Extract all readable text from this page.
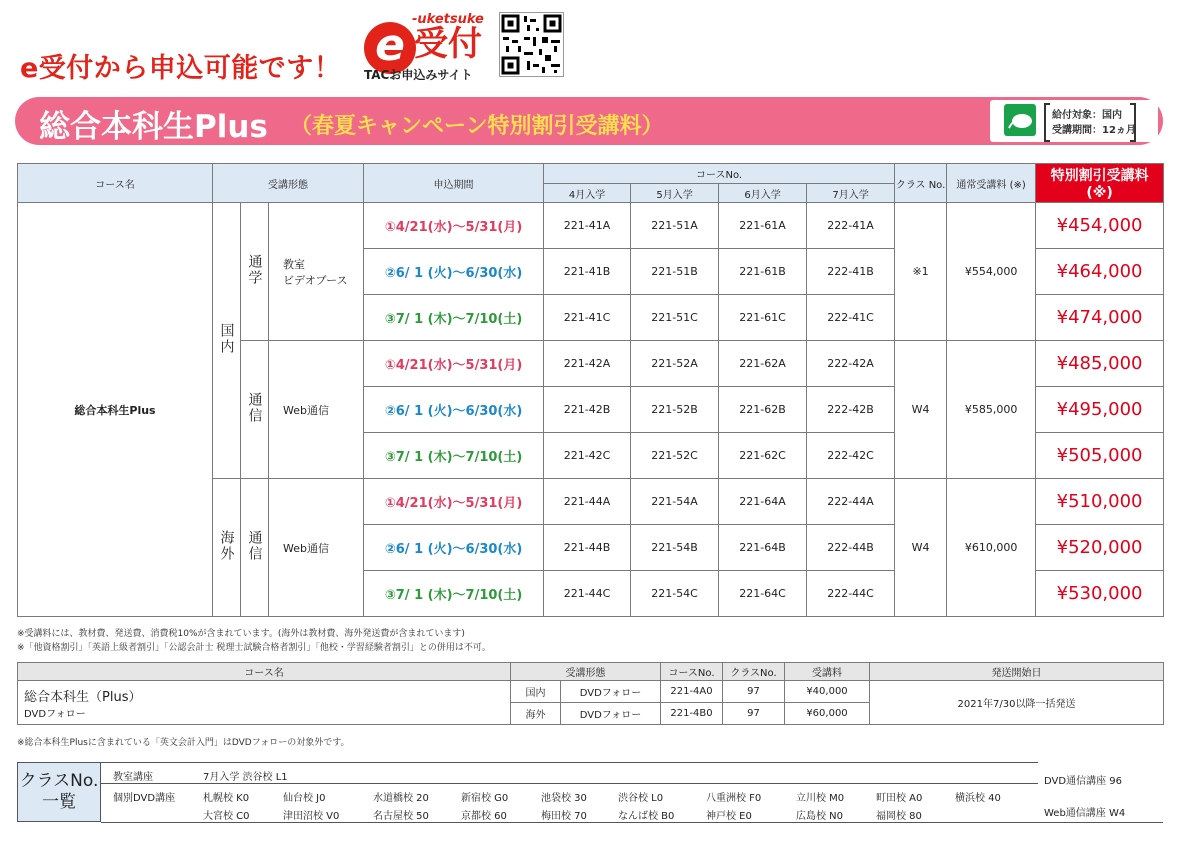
e受付から申込可能です！ e
-uketsuke
受付
TACお申込みサイト
総合本科生Plus （春夏キャンペーン特別割引受講料）	給付対象：国内
受講期間：12ヵ月
コース名	受講形態			申込期間	コースNo.				クラス No.	通常受講料 (※)	特別割引受講料 (※)
					4月入学	5月入学	6月入学	7月入学			
総合本科生Plus	国内	通学	教室
ビデオブース	①4/21(水)～5/31(月)	221-41A	221-51A	221-61A	222-41A	※1	¥554,000	¥454,000
				②6/ 1 (火)～6/30(水)	221-41B	221-51B	221-61B	222-41B			¥464,000
				③7/ 1 (木)～7/10(土)	221-41C	221-51C	221-61C	222-41C			¥474,000
		通信	Web通信	①4/21(水)～5/31(月)	221-42A	221-52A	221-62A	222-42A	W4	¥585,000	¥485,000
				②6/ 1 (火)～6/30(水)	221-42B	221-52B	221-62B	222-42B			¥495,000
				③7/ 1 (木)～7/10(土)	221-42C	221-52C	221-62C	222-42C			¥505,000
	海外	通信	Web通信	①4/21(水)～5/31(月)	221-44A	221-54A	221-64A	222-44A	W4	¥610,000	¥510,000
				②6/ 1 (火)～6/30(水)	221-44B	221-54B	221-64B	222-44B			¥520,000
				③7/ 1 (木)～7/10(土)	221-44C	221-54C	221-64C	222-44C			¥530,000
※受講料には、教材費、発送費、消費税10%が含まれています。(海外は教材費、海外発送費が含まれています)
※「他資格割引」「英語上級者割引」「公認会計士 税理士試験合格者割引」「他校・学習経験者割引」との併用は不可。
コース名	受講形態		コースNo.	クラスNo.	受講料	発送開始日

総合本科生（Plus）
DVDフォロー	国内	DVDフォロー	221-4A0	97	¥40,000	2021年7/30以降一括発送
	海外	DVDフォロー	221-4B0	97	¥60,000	
※総合本科生Plusに含まれている「英文会計入門」はDVDフォローの対象外です。
クラスNo.
一覧
教室講座	7月入学 渋谷校 L1
個別DVD講座	札幌校 K0	仙台校 J0	水道橋校 20	新宿校 G0	池袋校 30	渋谷校 L0	八重洲校 F0	立川校 M0	町田校 A0	横浜校 40
大宮校 C0	津田沼校 V0	名古屋校 50	京都校 60	梅田校 70	なんば校 B0	神戸校 E0	広島校 N0	福岡校 80
DVD通信講座 96
Web通信講座 W4
